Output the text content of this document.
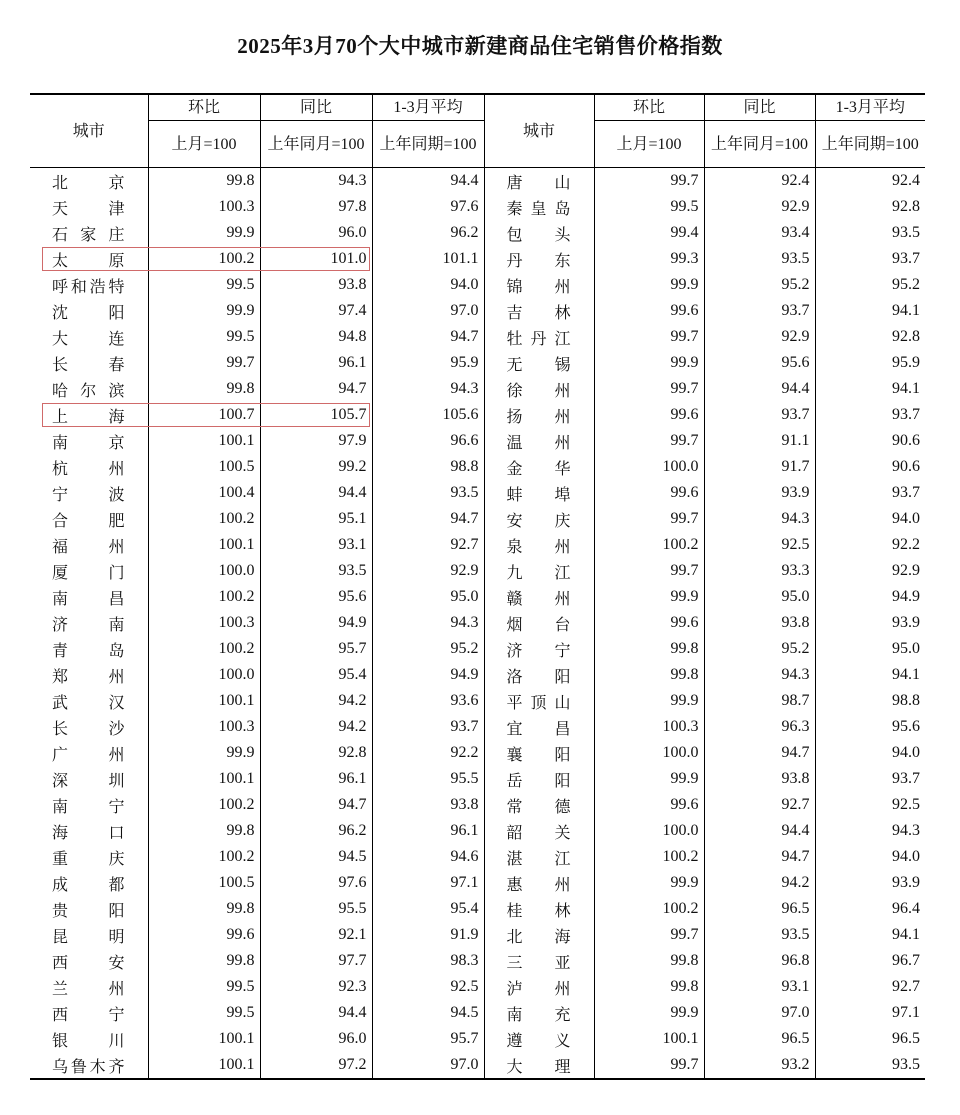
2025年3月70个大中城市新建商品住宅销售价格指数
城市	环比	同比	1-3月平均	城市	环比	同比	1-3月平均
	上月=100	上年同月=100	上年同期=100		上月=100	上年同月=100	上年同期=100
北京	99.8	94.3	94.4	唐山	99.7	92.4	92.4
天津	100.3	97.8	97.6	秦皇岛	99.5	92.9	92.8
石家庄	99.9	96.0	96.2	包头	99.4	93.4	93.5
太原	100.2	101.0	101.1	丹东	99.3	93.5	93.7
呼和浩特	99.5	93.8	94.0	锦州	99.9	95.2	95.2
沈阳	99.9	97.4	97.0	吉林	99.6	93.7	94.1
大连	99.5	94.8	94.7	牡丹江	99.7	92.9	92.8
长春	99.7	96.1	95.9	无锡	99.9	95.6	95.9
哈尔滨	99.8	94.7	94.3	徐州	99.7	94.4	94.1
上海	100.7	105.7	105.6	扬州	99.6	93.7	93.7
南京	100.1	97.9	96.6	温州	99.7	91.1	90.6
杭州	100.5	99.2	98.8	金华	100.0	91.7	90.6
宁波	100.4	94.4	93.5	蚌埠	99.6	93.9	93.7
合肥	100.2	95.1	94.7	安庆	99.7	94.3	94.0
福州	100.1	93.1	92.7	泉州	100.2	92.5	92.2
厦门	100.0	93.5	92.9	九江	99.7	93.3	92.9
南昌	100.2	95.6	95.0	赣州	99.9	95.0	94.9
济南	100.3	94.9	94.3	烟台	99.6	93.8	93.9
青岛	100.2	95.7	95.2	济宁	99.8	95.2	95.0
郑州	100.0	95.4	94.9	洛阳	99.8	94.3	94.1
武汉	100.1	94.2	93.6	平顶山	99.9	98.7	98.8
长沙	100.3	94.2	93.7	宜昌	100.3	96.3	95.6
广州	99.9	92.8	92.2	襄阳	100.0	94.7	94.0
深圳	100.1	96.1	95.5	岳阳	99.9	93.8	93.7
南宁	100.2	94.7	93.8	常德	99.6	92.7	92.5
海口	99.8	96.2	96.1	韶关	100.0	94.4	94.3
重庆	100.2	94.5	94.6	湛江	100.2	94.7	94.0
成都	100.5	97.6	97.1	惠州	99.9	94.2	93.9
贵阳	99.8	95.5	95.4	桂林	100.2	96.5	96.4
昆明	99.6	92.1	91.9	北海	99.7	93.5	94.1
西安	99.8	97.7	98.3	三亚	99.8	96.8	96.7
兰州	99.5	92.3	92.5	泸州	99.8	93.1	92.7
西宁	99.5	94.4	94.5	南充	99.9	97.0	97.1
银川	100.1	96.0	95.7	遵义	100.1	96.5	96.5
乌鲁木齐	100.1	97.2	97.0	大理	99.7	93.2	93.5
